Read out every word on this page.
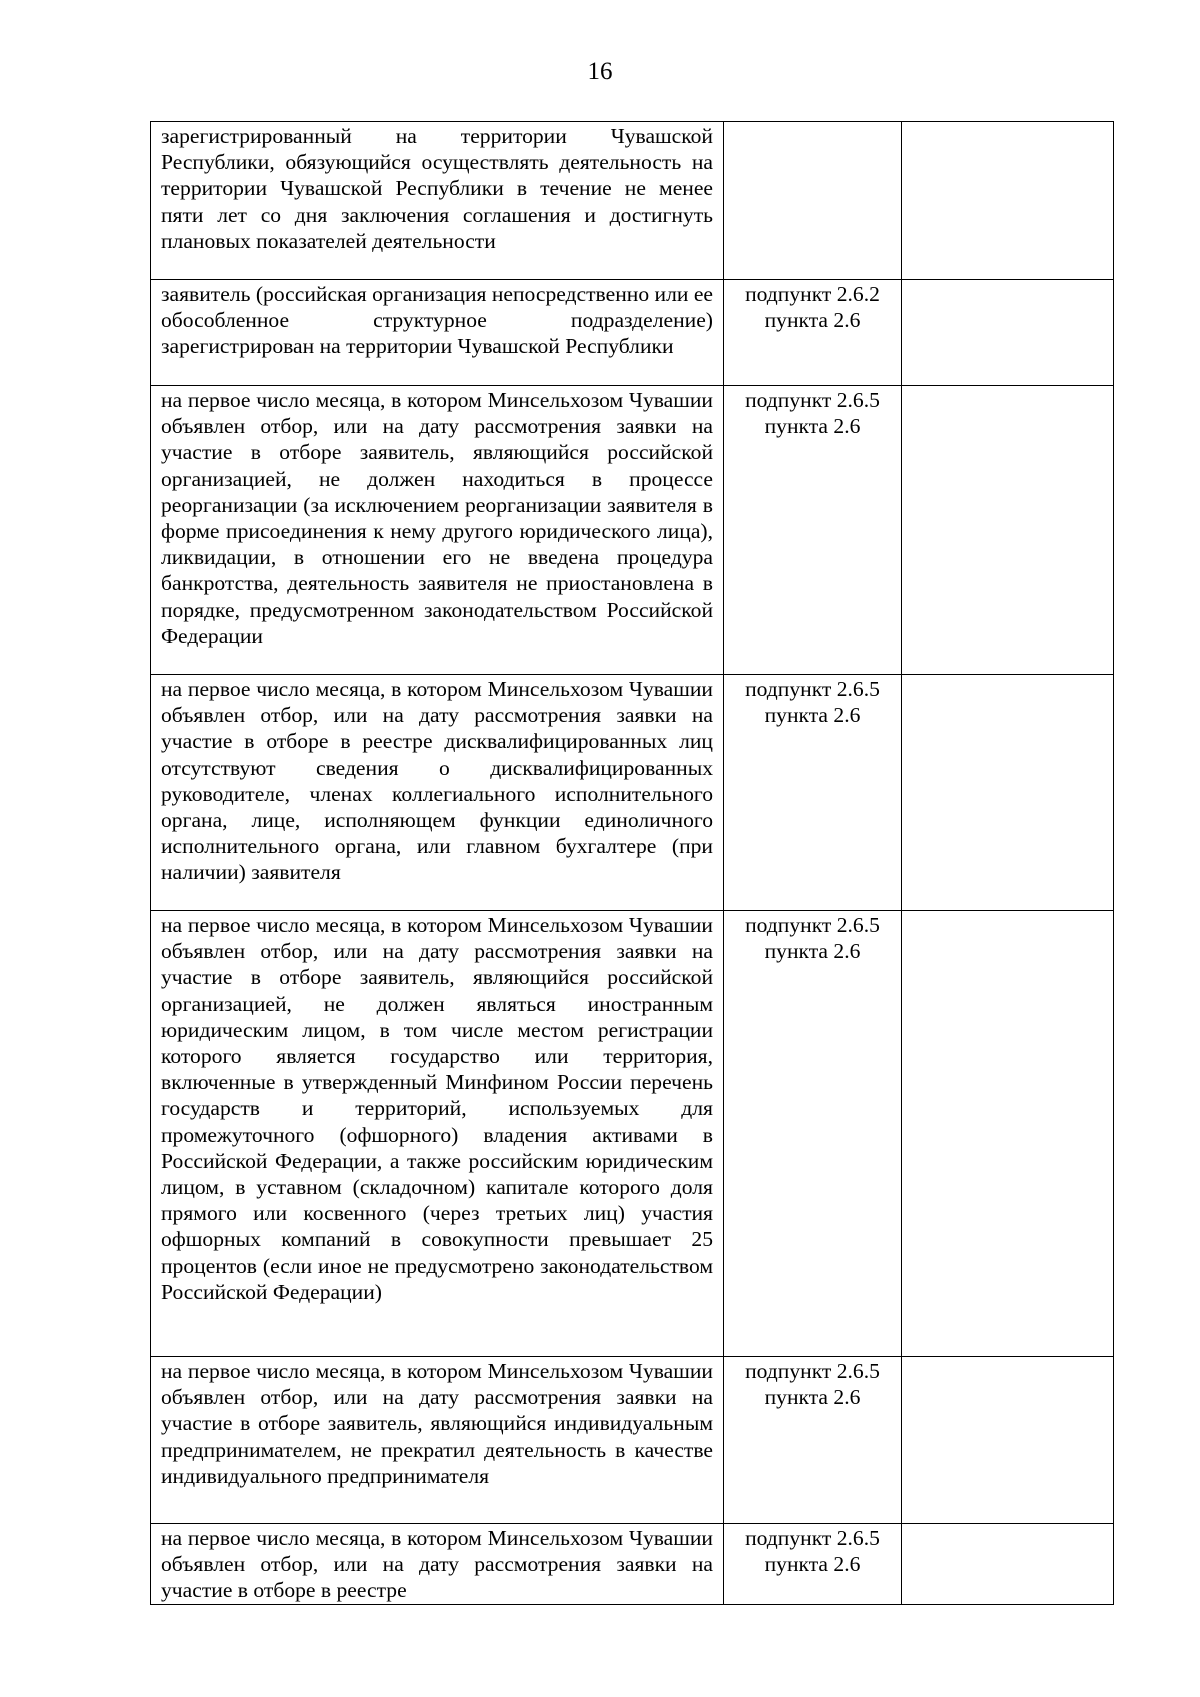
16
зарегистрированный на территории Чувашской Республики, обязующийся осуществлять деятельность на территории Чувашской Республики в течение не менее пяти лет со дня заключения соглашения и достигнуть плановых показателей деятельности	

заявитель (российская организация непосредственно или ее обособленное структурное подразделение) зарегистрирован на территории Чувашской Республики	подпункт 2.6.2
пункта 2.6	

на первое число месяца, в котором Минсельхозом Чувашии объявлен отбор, или на дату рассмотрения заявки на участие в отборе заявитель, являющийся российской организацией, не должен находиться в процессе реорганизации (за исключением реорганизации заявителя в форме присоединения к нему другого юридического лица), ликвидации, в отношении его не введена процедура банкротства, деятельность заявителя не приостановлена в порядке, предусмотренном законодательством Российской Федерации	подпункт 2.6.5
пункта 2.6	

на первое число месяца, в котором Минсельхозом Чувашии объявлен отбор, или на дату рассмотрения заявки на участие в отборе в реестре дисквалифицированных лиц отсутствуют сведения о дисквалифицированных руководителе, членах коллегиального исполнительного органа, лице, исполняющем функции единоличного исполнительного органа, или главном бухгалтере (при наличии) заявителя	подпункт 2.6.5
пункта 2.6	

на первое число месяца, в котором Минсельхозом Чувашии объявлен отбор, или на дату рассмотрения заявки на участие в отборе заявитель, являющийся российской организацией, не должен являться иностранным юридическим лицом, в том числе местом регистрации которого является государство или территория, включенные в утвержденный Минфином России перечень государств и территорий, используемых для промежуточного (офшорного) владения активами в Российской Федерации, а также российским юридическим лицом, в уставном (складочном) капитале которого доля прямого или косвенного (через третьих лиц) участия офшорных компаний в совокупности превышает 25 процентов (если иное не предусмотрено законодательством Российской Федерации)	подпункт 2.6.5
пункта 2.6	

на первое число месяца, в котором Минсельхозом Чувашии объявлен отбор, или на дату рассмотрения заявки на участие в отборе заявитель, являющийся индивидуальным предпринимателем, не прекратил деятельность в качестве индивидуального предпринимателя	подпункт 2.6.5
пункта 2.6	

на первое число месяца, в котором Минсельхозом Чувашии объявлен отбор, или на дату рассмотрения заявки на участие в отборе в реестре	подпункт 2.6.5
пункта 2.6	
